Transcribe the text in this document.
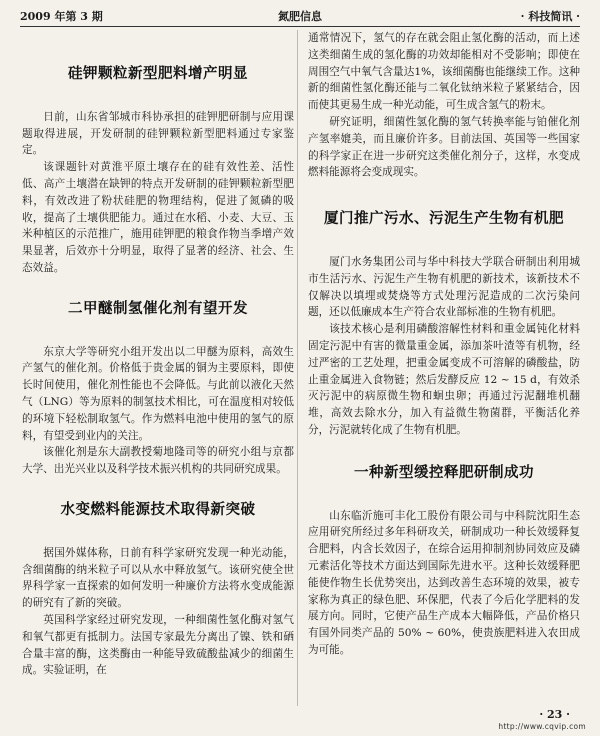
2009 年第 3 期	氮肥信息	· 科技简讯 ·
硅钾颗粒新型肥料增产明显

日前，山东省邹城市科协承担的硅钾肥研制与应用课题取得进展，开发研制的硅钾颗粒新型肥料通过专家鉴定。

该课题针对黄淮平原土壤存在的硅有效性差、活性低、高产土壤潜在缺钾的特点开发研制的硅钾颗粒新型肥料，有效改进了粉状硅肥的物理结构，促进了氮磷的吸收，提高了土壤供肥能力。通过在水稻、小麦、大豆、玉米种植区的示范推广，施用硅钾肥的粮食作物当季增产效果显著，后效亦十分明显，取得了显著的经济、社会、生态效益。

二甲醚制氢催化剂有望开发

东京大学等研究小组开发出以二甲醚为原料，高效生产氢气的催化剂。价格低于贵金属的铜为主要原料，即使长时间使用，催化剂性能也不会降低。与此前以液化天然气（LNG）等为原料的制氢技术相比，可在温度相对较低的环境下轻松制取氢气。作为燃料电池中使用的氢气的原料，有望受到业内的关注。

该催化剂是东大副教授菊地隆司等的研究小组与京都大学、出光兴业以及科学技术振兴机构的共同研究成果。

水变燃料能源技术取得新突破

据国外媒体称，日前有科学家研究发现一种光动能，含细菌酶的纳米粒子可以从水中释放氢气。该研究使全世界科学家一直探索的如何发明一种廉价方法将水变成能源的研究有了新的突破。

英国科学家经过研究发现，一种细菌性氢化酶对氢气和氧气都更有抵制力。法国专家最先分离出了镍、铁和硒合量丰富的酶，这类酶由一种能导致硫酸盐减少的细菌生成。实验证明，在

通常情况下，氢气的存在就会阻止氢化酶的活动，而上述这类细菌生成的氢化酶的功效却能相对不受影响；即使在周围空气中氧气含量达1%，该细菌酶也能继续工作。这种新的细菌性氢化酶还能与二氧化钛纳米粒子紧紧结合，因而使其更易生成一种光动能，可生成含氢气的粉末。

研究证明，细菌性氢化酶的氢气转换率能与铂催化剂产氢率媲美，而且廉价许多。目前法国、英国等一些国家的科学家正在进一步研究这类催化剂分子，这样，水变成燃料能源将会变成现实。

厦门推广污水、污泥生产生物有机肥

厦门水务集团公司与华中科技大学联合研制出利用城市生活污水、污泥生产生物有机肥的新技术，该新技术不仅解决以填埋或焚烧等方式处理污泥造成的二次污染问题，还以低廉成本生产符合农业部标准的生物有机肥。

该技术核心是利用磷酸溶解性材料和重金属钝化材料固定污泥中有害的微量重金属，添加茶叶渣等有机物，经过严密的工艺处理，把重金属变成不可溶解的磷酸盐，防止重金属进入食物链；然后发酵反应 12 ~ 15 d，有效杀灭污泥中的病原微生物和蛔虫卵；再通过污泥翻堆机翻堆，高效去除水分，加入有益微生物菌群，平衡活化养分，污泥就转化成了生物有机肥。

一种新型缓控释肥研制成功

山东临沂施可丰化工股份有限公司与中科院沈阳生态应用研究所经过多年科研攻关，研制成功一种长效缓释复合肥料，内含长效因子，在综合运用抑制剂协同效应及磷元素活化等技术方面达到国际先进水平。这种长效缓释肥能使作物生长优势突出，达到改善生态环境的效果，被专家称为真正的绿色肥、环保肥，代表了今后化学肥料的发展方向。同时，它使产品生产成本大幅降低，产品价格只有国外同类产品的 50% ~ 60%，使贵族肥料进入农田成为可能。

· 23 ·
http://www.cqvip.com
